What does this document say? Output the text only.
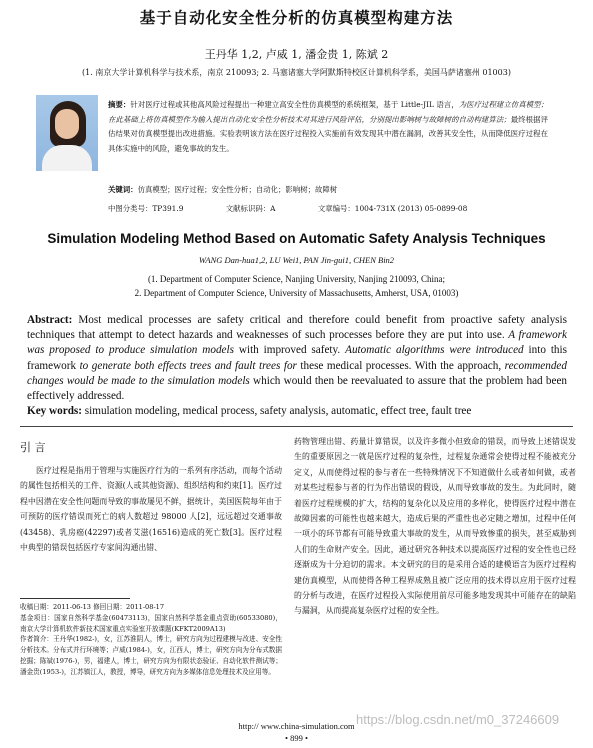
基于自动化安全性分析的仿真模型构建方法
王丹华 1,2, 卢威 1, 潘金贵 1, 陈斌 2
(1. 南京大学计算机科学与技术系，南京 210093; 2. 马塞诸塞大学阿默斯特校区计算机科学系，美国马萨诸塞州 01003)
摘要：针对医疗过程或其他高风险过程提出一种建立高安全性仿真模型的系统框架，基于 Little-JIL 语言，为医疗过程建立仿真模型；在此基础上将仿真模型作为输入提出自动化安全性分析技术对其进行风险评估，分别提出影响树与故障树的自动构建算法；最终根据评估结果对仿真模型提出改进措施。实验表明该方法在医疗过程投入实施前有效发现其中潜在漏洞，改善其安全性，从而降低医疗过程在具体实施中的风险，避免事故的发生。
关键词：仿真模型；医疗过程；安全性分析；自动化；影响树；故障树
中图分类号：TP391.9	文献标识码：A	文章编号：1004-731X (2013) 05-0899-08
Simulation Modeling Method Based on Automatic Safety Analysis Techniques
WANG Dan-hua1,2, LU Wei1, PAN Jin-gui1, CHEN Bin2
(1. Department of Computer Science, Nanjing University, Nanjing 210093, China;
2. Department of Computer Science, University of Massachusetts, Amherst, USA, 01003)
Abstract: Most medical processes are safety critical and therefore could benefit from proactive safety analysis techniques that attempt to detect hazards and weaknesses of such processes before they are put into use. A framework was proposed to produce simulation models with improved safety. Automatic algorithms were introduced into this framework to generate both effects trees and fault trees for these medical processes. With the approach, recommended changes would be made to the simulation models which would then be reevaluated to assure that the problem had been effectively addressed.
Key words: simulation modeling, medical process, safety analysis, automatic, effect tree, fault tree
引 言
医疗过程是指用于管理与实施医疗行为的一系列有序活动，而每个活动的属性包括相关的工件、资源(人或其他资源)、组织结构和约束[1]。医疗过程中因潜在安全性问题而导致的事故屡见不鲜，据统计，美国医院每年由于可预防的医疗错误而死亡的病人数超过 98000 人[2]，远远超过交通事故(43458)、乳房癌(42297)或者艾滋(16516)造成的死亡数[3]。医疗过程中典型的错误包括医疗专家间沟通出错、
药物管理出错、药量计算错误，以及许多微小但致命的错误，而导致上述错误发生的重要原因之一就是医疗过程的复杂性，过程复杂通常会使得过程不能被充分定义，从而使得过程的参与者在一些特殊情况下不知道做什么或者如何做，或者对某些过程参与者的行为作出错误的假设，从而导致事故的发生。为此同时，随着医疗过程规模的扩大，结构的复杂化以及应用的多样化，使得医疗过程中潜在故障因素的可能性也越来越大，造成后果的严重性也必定随之增加，过程中任何一项小的环节都有可能导致重大事故的发生，从而导致惨重的损失，甚至威胁到人们的生命财产安全。因此，通过研究各种技术以提高医疗过程的安全性也已经逐渐成为十分迫切的需求。本文研究的目的是采用合适的建模语言为医疗过程构建仿真模型，从而使得各种工程界成熟且被广泛应用的技术得以应用于医疗过程的分析与改进，在医疗过程投入实际使用前尽可能多地发现其中可能存在的缺陷与漏洞，从而提高复杂医疗过程的安全性。
收稿日期：2011-06-13 修回日期：2011-08-17
基金项目：国家自然科学基金(60473113)，国家自然科学基金重点资助(60533080)，南京大学计算机软件新技术国家重点实验室开放课题(KFKT2009A13)
作者简介：王丹华(1982-)，女，江苏淮阴人，博士，研究方向为过程建模与改进、安全性分析技术。分布式并行环境等；卢威(1984-)，女，江西人，博士，研究方向为分布式数据挖掘；陈斌(1976-)，男，福建人，博士，研究方向为有限状态验证、自动化软件测试等；潘金贵(1953-)，江苏镇江人，教授，博导，研究方向为多媒体信息处理技术及应用等。
http:// www.china-simulation.com
• 899 •
https://blog.csdn.net/m0_37246609
